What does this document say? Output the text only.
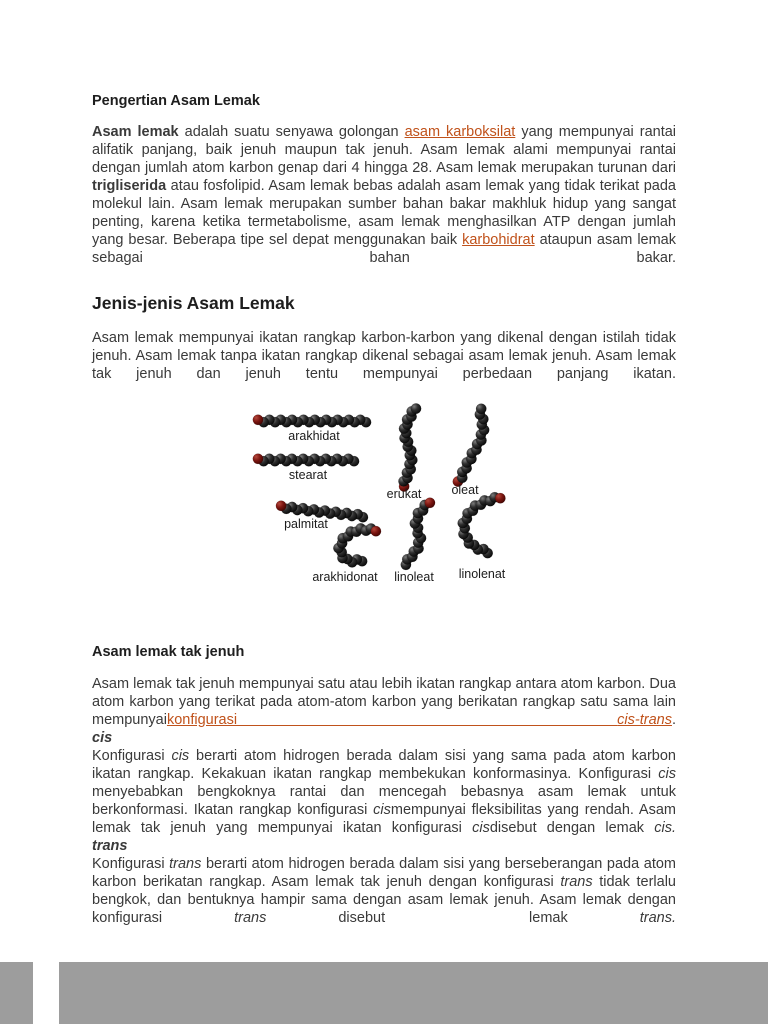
Pengertian Asam Lemak

Asam lemak adalah suatu senyawa golongan asam karboksilat yang mempunyai rantai alifatik panjang, baik jenuh maupun tak jenuh. Asam lemak alami mempunyai rantai dengan jumlah atom karbon genap dari 4 hingga 28. Asam lemak merupakan turunan dari trigliserida atau fosfolipid. Asam lemak bebas adalah asam lemak yang tidak terikat pada molekul lain. Asam lemak merupakan sumber bahan bakar makhluk hidup yang sangat penting, karena ketika termetabolisme, asam lemak menghasilkan ATP dengan jumlah yang besar. Beberapa tipe sel depat menggunakan baik karbohidrat ataupun asam lemak sebagai bahan bakar.

Jenis-jenis Asam Lemak

Asam lemak mempunyai ikatan rangkap karbon-karbon yang dikenal dengan istilah tidak jenuh. Asam lemak tanpa ikatan rangkap dikenal sebagai asam lemak jenuh. Asam lemak tak jenuh dan jenuh tentu mempunyai perbedaan panjang ikatan.

arakhidat
stearat
erukat oleat
palmitat
arakhidonat linoleat linolenat
Asam lemak tak jenuh

Asam lemak tak jenuh mempunyai satu atau lebih ikatan rangkap antara atom karbon. Dua atom karbon yang terikat pada atom-atom karbon yang berikatan rangkap satu sama lain mempunyaikonfigurasi cis-trans.

cis

Konfigurasi cis berarti atom hidrogen berada dalam sisi yang sama pada atom karbon ikatan rangkap. Kekakuan ikatan rangkap membekukan konformasinya. Konfigurasi cis menyebabkan bengkoknya rantai dan mencegah bebasnya asam lemak untuk berkonformasi. Ikatan rangkap konfigurasi cismempunyai fleksibilitas yang rendah. Asam lemak tak jenuh yang mempunyai ikatan konfigurasi cisdisebut dengan lemak cis.

trans

Konfigurasi trans berarti atom hidrogen berada dalam sisi yang berseberangan pada atom karbon berikatan rangkap. Asam lemak tak jenuh dengan konfigurasi trans tidak terlalu bengkok, dan bentuknya hampir sama dengan asam lemak jenuh. Asam lemak dengan konfigurasi trans disebut  lemak trans.
